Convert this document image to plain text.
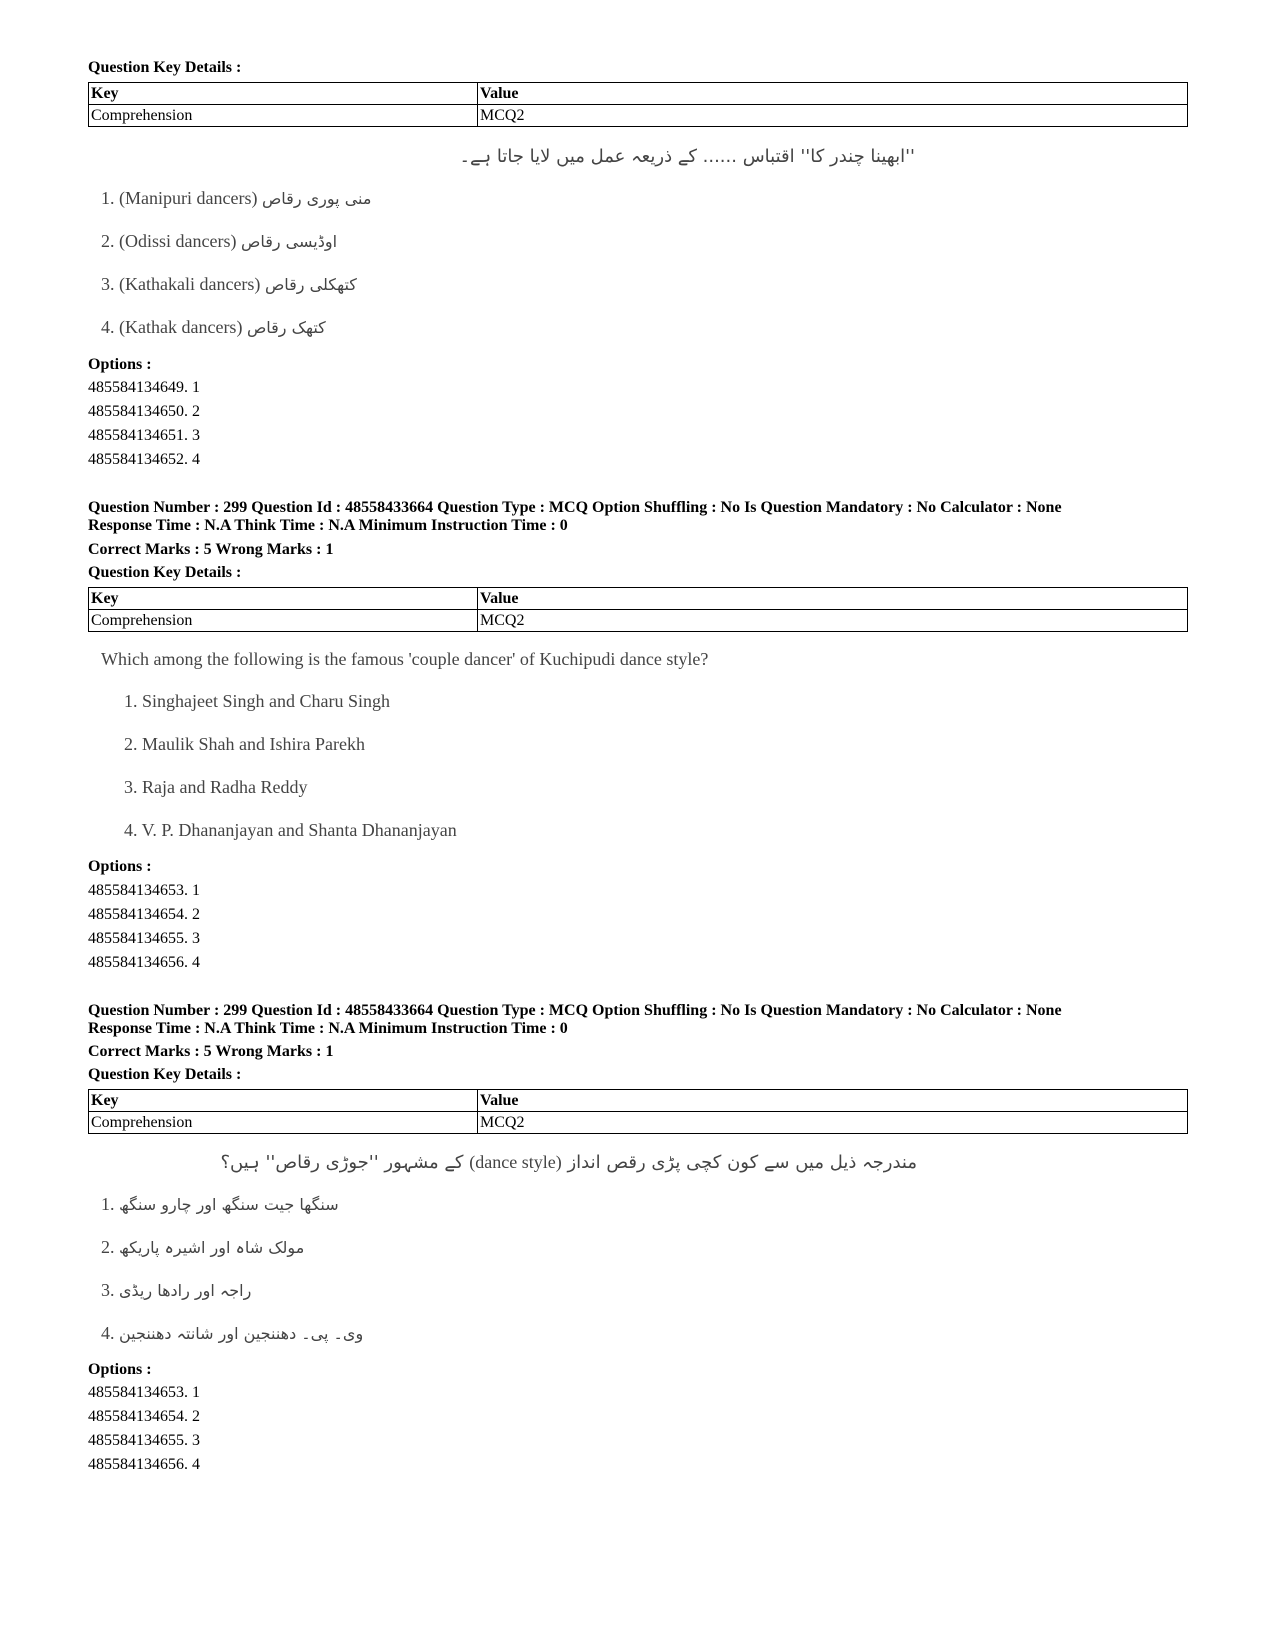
Question Key Details :
Key	Value
Comprehension	MCQ2
''ابھینا چندر کا'' اقتباس ...... کے ذریعہ عمل میں لایا جاتا ہے۔
1. (Manipuri dancers) منی پوری رقاص
2. (Odissi dancers) اوڈیسی رقاص
3. (Kathakali dancers) کتھکلی رقاص
4. (Kathak dancers) کتھک رقاص
Options :
485584134649. 1
485584134650. 2
485584134651. 3
485584134652. 4
Question Number : 299 Question Id : 48558433664 Question Type : MCQ Option Shuffling : No Is Question Mandatory : No Calculator : None
Response Time : N.A Think Time : N.A Minimum Instruction Time : 0
Correct Marks : 5 Wrong Marks : 1
Question Key Details :
Key	Value
Comprehension	MCQ2
Which among the following is the famous 'couple dancer' of Kuchipudi dance style?
1. Singhajeet Singh and Charu Singh
2. Maulik Shah and Ishira Parekh
3. Raja and Radha Reddy
4. V. P. Dhananjayan and Shanta Dhananjayan
Options :
485584134653. 1
485584134654. 2
485584134655. 3
485584134656. 4
Question Number : 299 Question Id : 48558433664 Question Type : MCQ Option Shuffling : No Is Question Mandatory : No Calculator : None
Response Time : N.A Think Time : N.A Minimum Instruction Time : 0
Correct Marks : 5 Wrong Marks : 1
Question Key Details :
Key	Value
Comprehension	MCQ2
مندرجہ ذیل میں سے کون کچی پڑی رقص انداز (dance style) کے مشہور ''جوڑی رقاص'' ہیں؟
1. سنگھا جیت سنگھ اور چارو سنگھ
2. مولک شاہ اور اشیرہ پاریکھ
3. راجہ اور رادھا ریڈی
4. وی۔ پی۔ دھننجین اور شانتہ دھننجین
Options :
485584134653. 1
485584134654. 2
485584134655. 3
485584134656. 4
